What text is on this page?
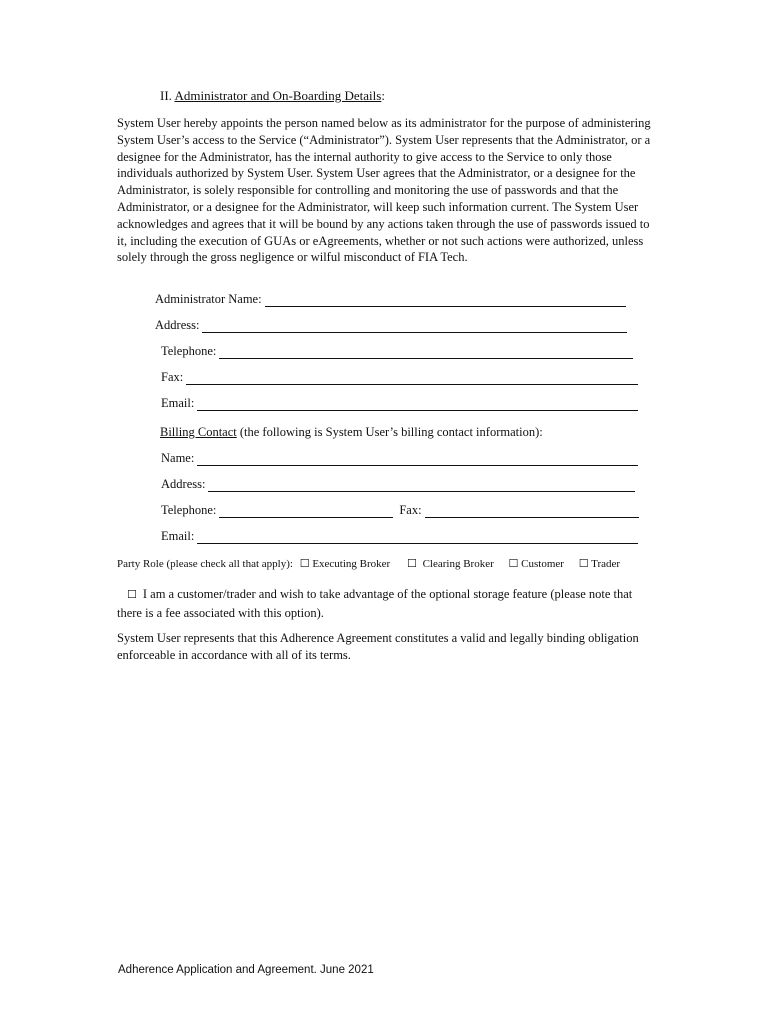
II. Administrator and On-Boarding Details:
System User hereby appoints the person named below as its administrator for the purpose of administering System User’s access to the Service (“Administrator”). System User represents that the Administrator, or a designee for the Administrator, has the internal authority to give access to the Service to only those individuals authorized by System User. System User agrees that the Administrator, or a designee for the Administrator, is solely responsible for controlling and monitoring the use of passwords and that the Administrator, or a designee for the Administrator, will keep such information current. The System User acknowledges and agrees that it will be bound by any actions taken through the use of passwords issued to it, including the execution of GUAs or eAgreements, whether or not such actions were authorized, unless solely through the gross negligence or wilful misconduct of FIA Tech.
Administrator Name:
Address:
Telephone:
Fax:
Email:
Billing Contact (the following is System User’s billing contact information):
Name:
Address:
Telephone:	Fax:
Email:
Party Role (please check all that apply): ☐ Executing Broker ☐ Clearing Broker ☐ Customer ☐ Trader
☐ I am a customer/trader and wish to take advantage of the optional storage feature (please note that there is a fee associated with this option).
System User represents that this Adherence Agreement constitutes a valid and legally binding obligation enforceable in accordance with all of its terms.
Adherence Application and Agreement. June 2021
